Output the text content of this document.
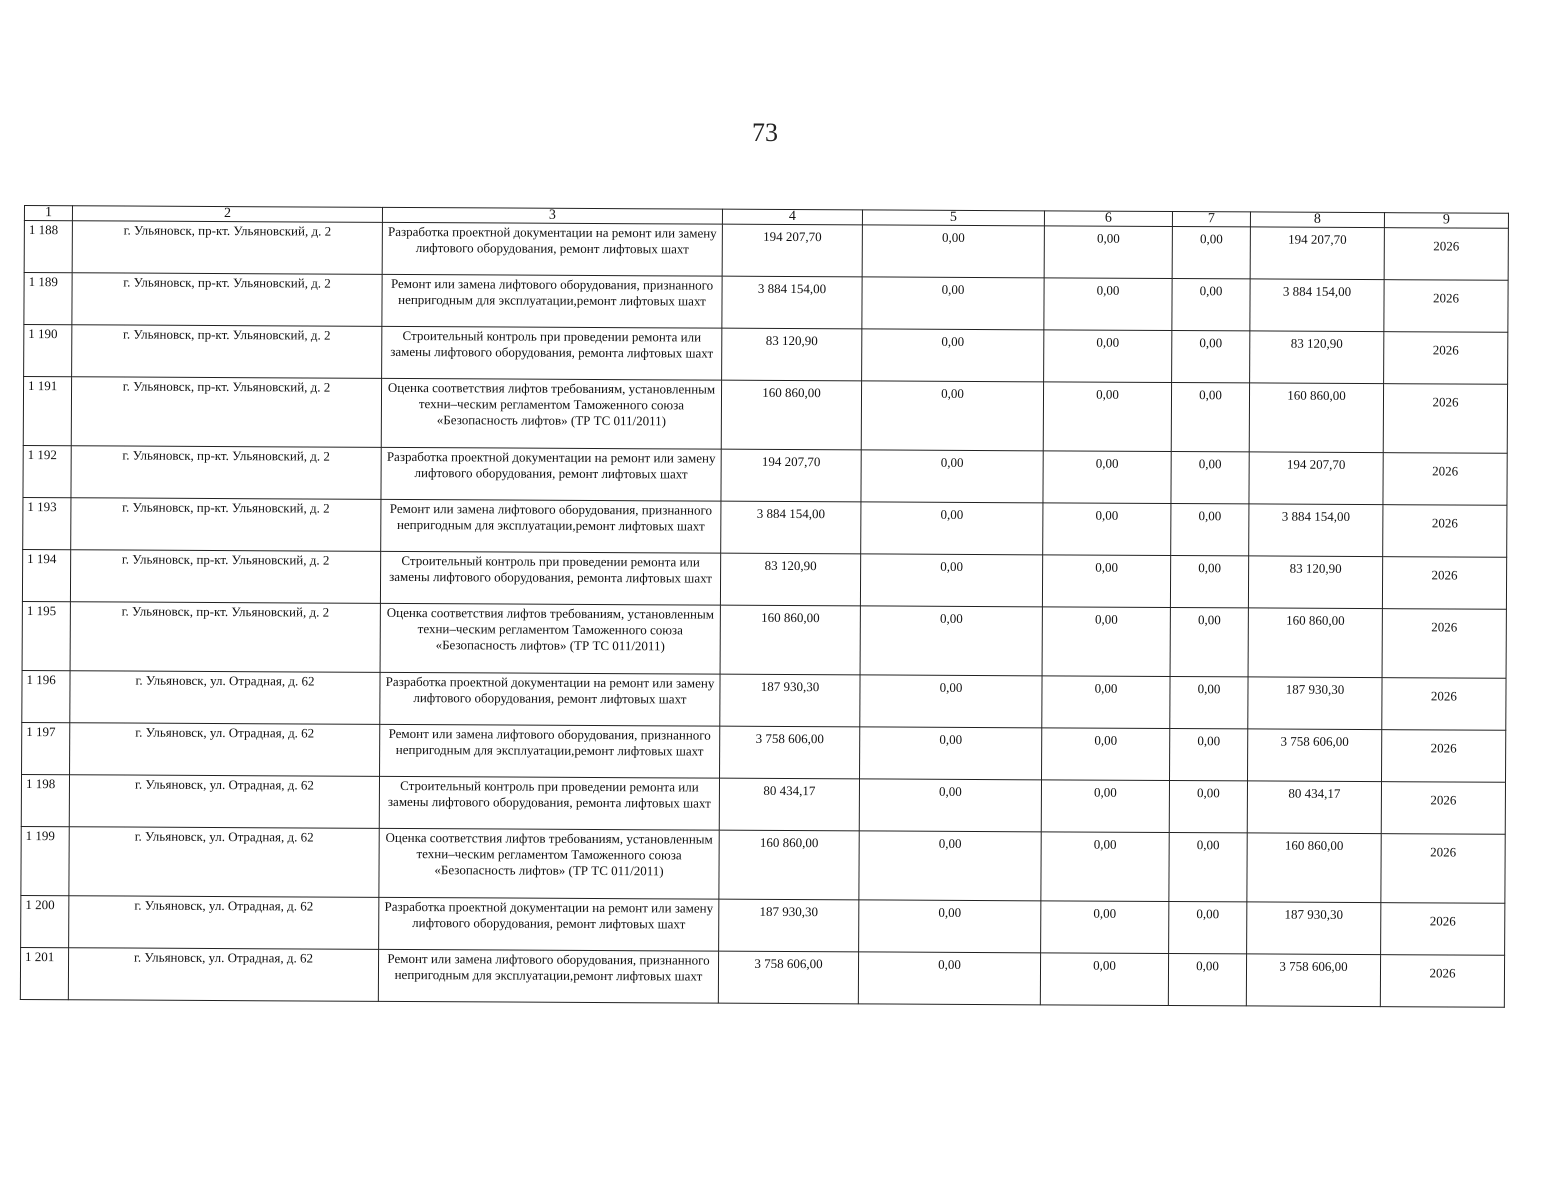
73
1	2	3	4	5	6	7	8	9
1 188	г. Ульяновск, пр-кт. Ульяновский, д. 2	Разработка проектной документации на ремонт или замену лифтового оборудования, ремонт лифтовых шахт	194 207,70	0,00	0,00	0,00	194 207,70	2026
1 189	г. Ульяновск, пр-кт. Ульяновский, д. 2	Ремонт или замена лифтового оборудования, признанного непригодным для эксплуатации,ремонт лифтовых шахт	3 884 154,00	0,00	0,00	0,00	3 884 154,00	2026
1 190	г. Ульяновск, пр-кт. Ульяновский, д. 2	Строительный контроль при проведении ремонта или замены лифтового оборудования, ремонта лифтовых шахт	83 120,90	0,00	0,00	0,00	83 120,90	2026
1 191	г. Ульяновск, пр-кт. Ульяновский, д. 2	Оценка соответствия лифтов требованиям, установленным техни–ческим регламентом Таможенного союза «Безопасность лифтов» (ТР ТС 011/2011)	160 860,00	0,00	0,00	0,00	160 860,00	2026
1 192	г. Ульяновск, пр-кт. Ульяновский, д. 2	Разработка проектной документации на ремонт или замену лифтового оборудования, ремонт лифтовых шахт	194 207,70	0,00	0,00	0,00	194 207,70	2026
1 193	г. Ульяновск, пр-кт. Ульяновский, д. 2	Ремонт или замена лифтового оборудования, признанного непригодным для эксплуатации,ремонт лифтовых шахт	3 884 154,00	0,00	0,00	0,00	3 884 154,00	2026
1 194	г. Ульяновск, пр-кт. Ульяновский, д. 2	Строительный контроль при проведении ремонта или замены лифтового оборудования, ремонта лифтовых шахт	83 120,90	0,00	0,00	0,00	83 120,90	2026
1 195	г. Ульяновск, пр-кт. Ульяновский, д. 2	Оценка соответствия лифтов требованиям, установленным техни–ческим регламентом Таможенного союза «Безопасность лифтов» (ТР ТС 011/2011)	160 860,00	0,00	0,00	0,00	160 860,00	2026
1 196	г. Ульяновск, ул. Отрадная, д. 62	Разработка проектной документации на ремонт или замену лифтового оборудования, ремонт лифтовых шахт	187 930,30	0,00	0,00	0,00	187 930,30	2026
1 197	г. Ульяновск, ул. Отрадная, д. 62	Ремонт или замена лифтового оборудования, признанного непригодным для эксплуатации,ремонт лифтовых шахт	3 758 606,00	0,00	0,00	0,00	3 758 606,00	2026
1 198	г. Ульяновск, ул. Отрадная, д. 62	Строительный контроль при проведении ремонта или замены лифтового оборудования, ремонта лифтовых шахт	80 434,17	0,00	0,00	0,00	80 434,17	2026
1 199	г. Ульяновск, ул. Отрадная, д. 62	Оценка соответствия лифтов требованиям, установленным техни–ческим регламентом Таможенного союза «Безопасность лифтов» (ТР ТС 011/2011)	160 860,00	0,00	0,00	0,00	160 860,00	2026
1 200	г. Ульяновск, ул. Отрадная, д. 62	Разработка проектной документации на ремонт или замену лифтового оборудования, ремонт лифтовых шахт	187 930,30	0,00	0,00	0,00	187 930,30	2026
1 201	г. Ульяновск, ул. Отрадная, д. 62	Ремонт или замена лифтового оборудования, признанного непригодным для эксплуатации,ремонт лифтовых шахт	3 758 606,00	0,00	0,00	0,00	3 758 606,00	2026
